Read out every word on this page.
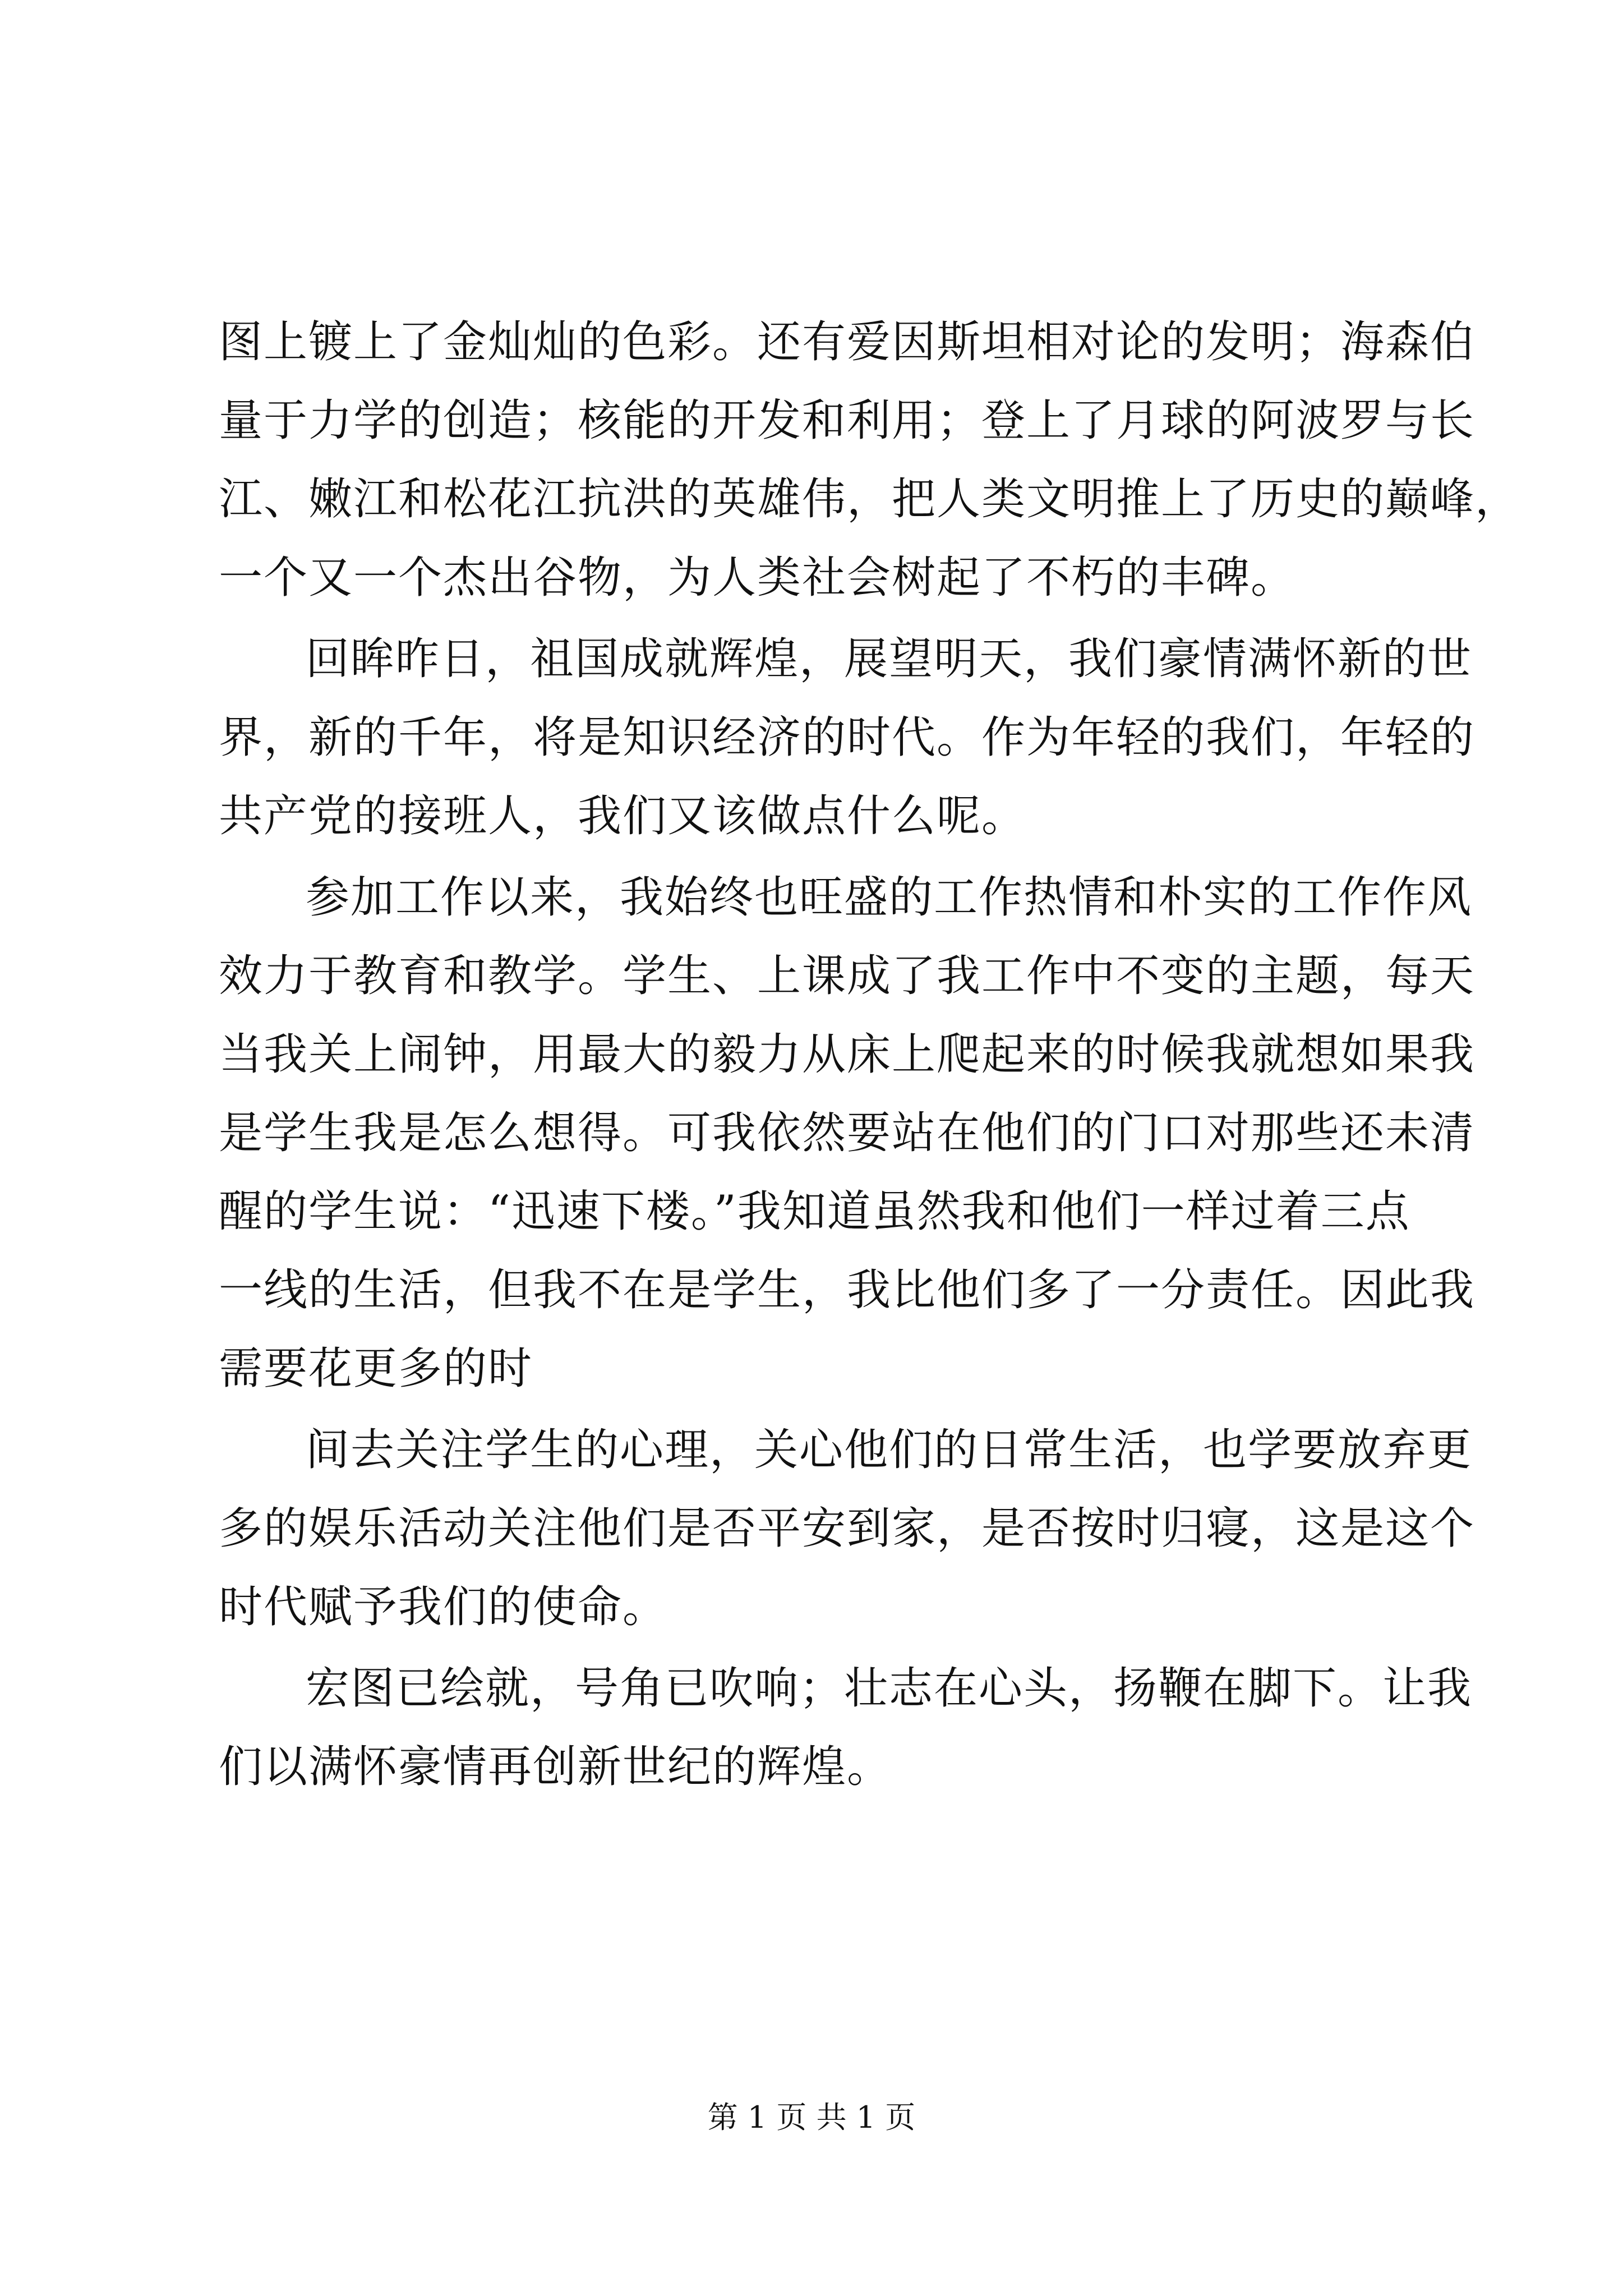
图上镀上了金灿灿的色彩。还有爱因斯坦相对论的发明；海森伯
量于力学的创造；核能的开发和利用；登上了月球的阿波罗与长
江、嫩江和松花江抗洪的英雄伟，把人类文明推上了历史的巅峰，
一个又一个杰出谷物，为人类社会树起了不朽的丰碑。
回眸昨日，祖国成就辉煌，展望明天，我们豪情满怀新的世
界，新的千年，将是知识经济的时代。作为年轻的我们，年轻的
共产党的接班人，我们又该做点什么呢。
参加工作以来，我始终也旺盛的工作热情和朴实的工作作风
效力于教育和教学。学生、上课成了我工作中不变的主题，每天
当我关上闹钟，用最大的毅力从床上爬起来的时候我就想如果我
是学生我是怎么想得。可我依然要站在他们的门口对那些还未清
醒的学生说：“迅速下楼。”我知道虽然我和他们一样过着三点
一线的生活，但我不在是学生，我比他们多了一分责任。因此我
需要花更多的时
间去关注学生的心理，关心他们的日常生活，也学要放弃更
多的娱乐活动关注他们是否平安到家，是否按时归寝，这是这个
时代赋予我们的使命。
宏图已绘就，号角已吹响；壮志在心头，扬鞭在脚下。让我
们以满怀豪情再创新世纪的辉煌。
第 1 页 共 1 页
